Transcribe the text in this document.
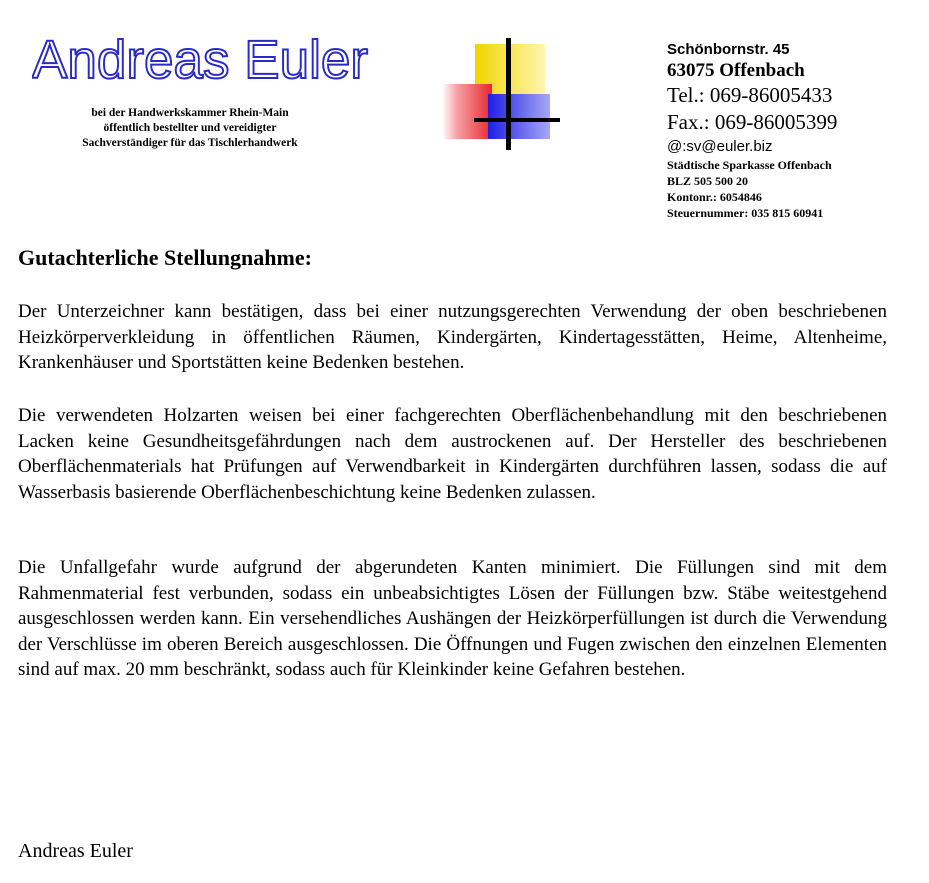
Andreas Euler
bei der Handwerkskammer Rhein-Main
öffentlich bestellter und vereidigter
Sachverständiger für das Tischlerhandwerk
Schönbornstr. 45
63075 Offenbach
Tel.: 069-86005433
Fax.: 069-86005399
@:sv@euler.biz
Städtische Sparkasse Offenbach
BLZ 505 500 20
Kontonr.: 6054846
Steuernummer: 035 815 60941
Gutachterliche Stellungnahme:

Der Unterzeichner kann bestätigen, dass bei einer nutzungsgerechten Verwendung der oben beschriebenen Heizkörperverkleidung in öffentlichen Räumen, Kindergärten, Kindertagesstätten, Heime, Altenheime, Krankenhäuser und Sportstätten keine Bedenken bestehen.

Die verwendeten Holzarten weisen bei einer fachgerechten Oberflächenbehandlung mit den beschriebenen Lacken keine Gesundheitsgefährdungen nach dem austrockenen auf. Der Hersteller des beschriebenen Oberflächenmaterials hat Prüfungen auf Verwendbarkeit in Kindergärten durchführen lassen, sodass die auf Wasserbasis basierende Oberflächenbeschichtung keine Bedenken zulassen.

Die Unfallgefahr wurde aufgrund der abgerundeten Kanten minimiert. Die Füllungen sind mit dem Rahmenmaterial fest verbunden, sodass ein unbeabsichtigtes Lösen der Füllungen bzw. Stäbe weitestgehend ausgeschlossen werden kann. Ein versehendliches Aushängen der Heizkörperfüllungen ist durch die Verwendung der Verschlüsse im oberen Bereich ausgeschlossen. Die Öffnungen und Fugen zwischen den einzelnen Elementen sind auf max. 20 mm beschränkt, sodass auch für Kleinkinder keine Gefahren bestehen.

Andreas Euler
